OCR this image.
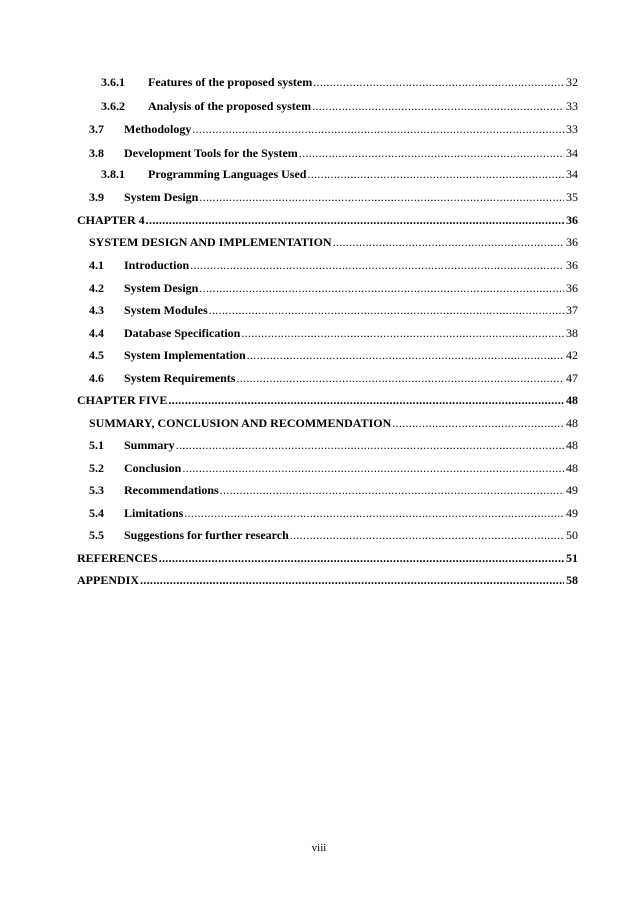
3.6.1	Features of the proposed system .....	32
3.6.2	Analysis of the proposed system .....	33
3.7	Methodology .....	33
3.8	Development Tools for the System .....	34
3.8.1	Programming Languages Used .....	34
3.9	System Design .....	35
CHAPTER 4 .....	36
SYSTEM DESIGN AND IMPLEMENTATION .....	36
4.1	Introduction .....	36
4.2	System Design .....	36
4.3	System Modules .....	37
4.4	Database Specification .....	38
4.5	System Implementation .....	42
4.6	System Requirements .....	47
CHAPTER FIVE .....	48
SUMMARY, CONCLUSION AND RECOMMENDATION .....	48
5.1	Summary .....	48
5.2	Conclusion .....	48
5.3	Recommendations .....	49
5.4	Limitations .....	49
5.5	Suggestions for further research .....	50
REFERENCES .....	51
APPENDIX .....	58
viii
